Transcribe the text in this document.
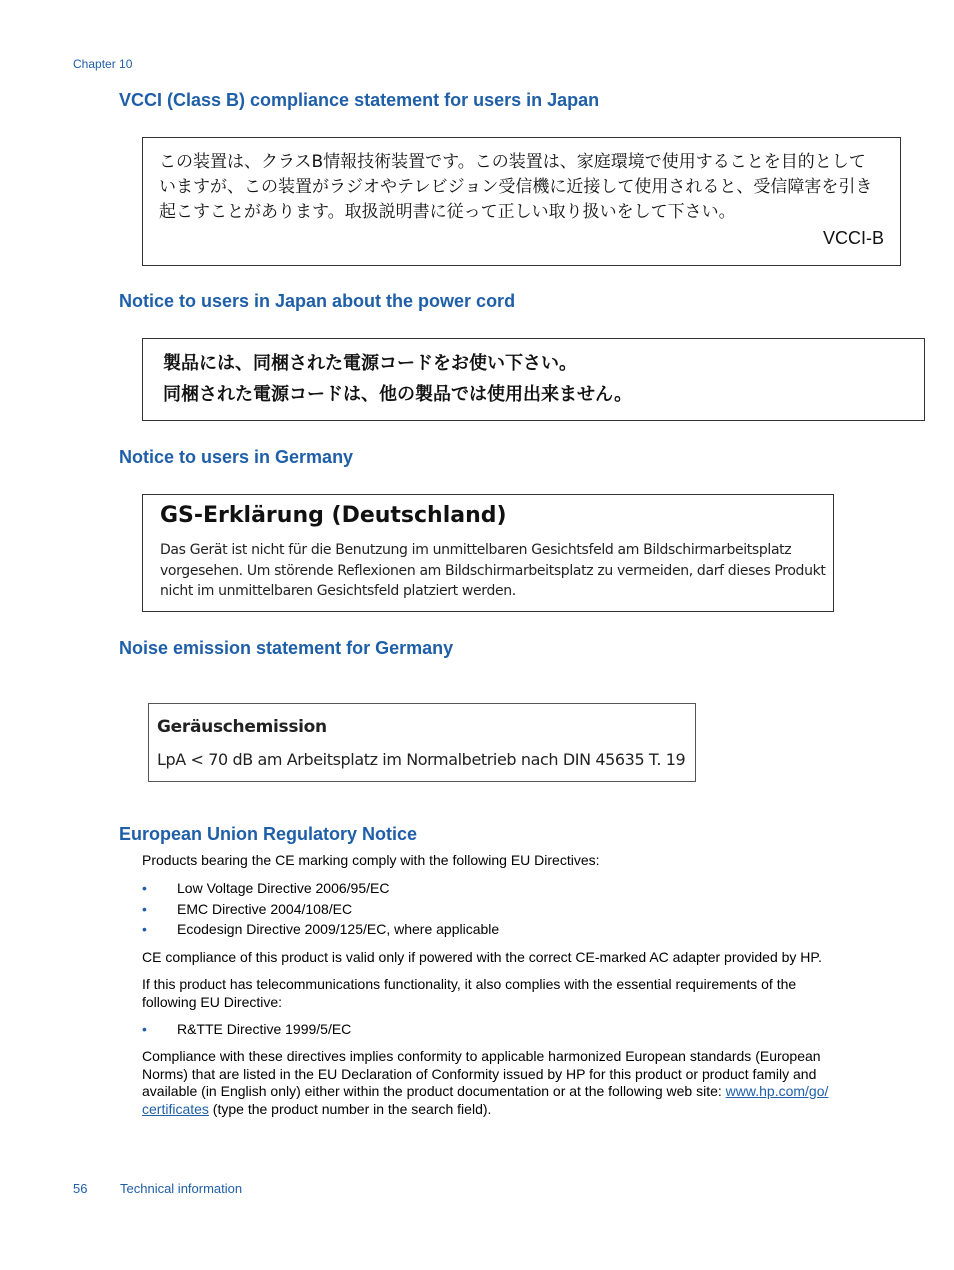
Chapter 10
VCCI (Class B) compliance statement for users in Japan
この装置は、クラスB情報技術装置です。この装置は、家庭環境で使用することを目的として
いますが、この装置がラジオやテレビジョン受信機に近接して使用されると、受信障害を引き
起こすことがあります。取扱説明書に従って正しい取り扱いをして下さい。
VCCI-B
Notice to users in Japan about the power cord
製品には、同梱された電源コードをお使い下さい。
同梱された電源コードは、他の製品では使用出来ません。
Notice to users in Germany
GS-Erklärung (Deutschland)
Das Gerät ist nicht für die Benutzung im unmittelbaren Gesichtsfeld am Bildschirmarbeitsplatz
vorgesehen. Um störende Reflexionen am Bildschirmarbeitsplatz zu vermeiden, darf dieses Produkt
nicht im unmittelbaren Gesichtsfeld platziert werden.
Noise emission statement for Germany
Geräuschemission
LpA < 70 dB am Arbeitsplatz im Normalbetrieb nach DIN 45635 T. 19
European Union Regulatory Notice
Products bearing the CE marking comply with the following EU Directives:
• Low Voltage Directive 2006/95/EC
• EMC Directive 2004/108/EC
• Ecodesign Directive 2009/125/EC, where applicable
CE compliance of this product is valid only if powered with the correct CE-marked AC adapter provided by HP.
If this product has telecommunications functionality, it also complies with the essential requirements of the following EU Directive:
• R&TTE Directive 1999/5/EC
Compliance with these directives implies conformity to applicable harmonized European standards (European Norms) that are listed in the EU Declaration of Conformity issued by HP for this product or product family and available (in English only) either within the product documentation or at the following web site: www.hp.com/go/
certificates (type the product number in the search field).
56	Technical information
